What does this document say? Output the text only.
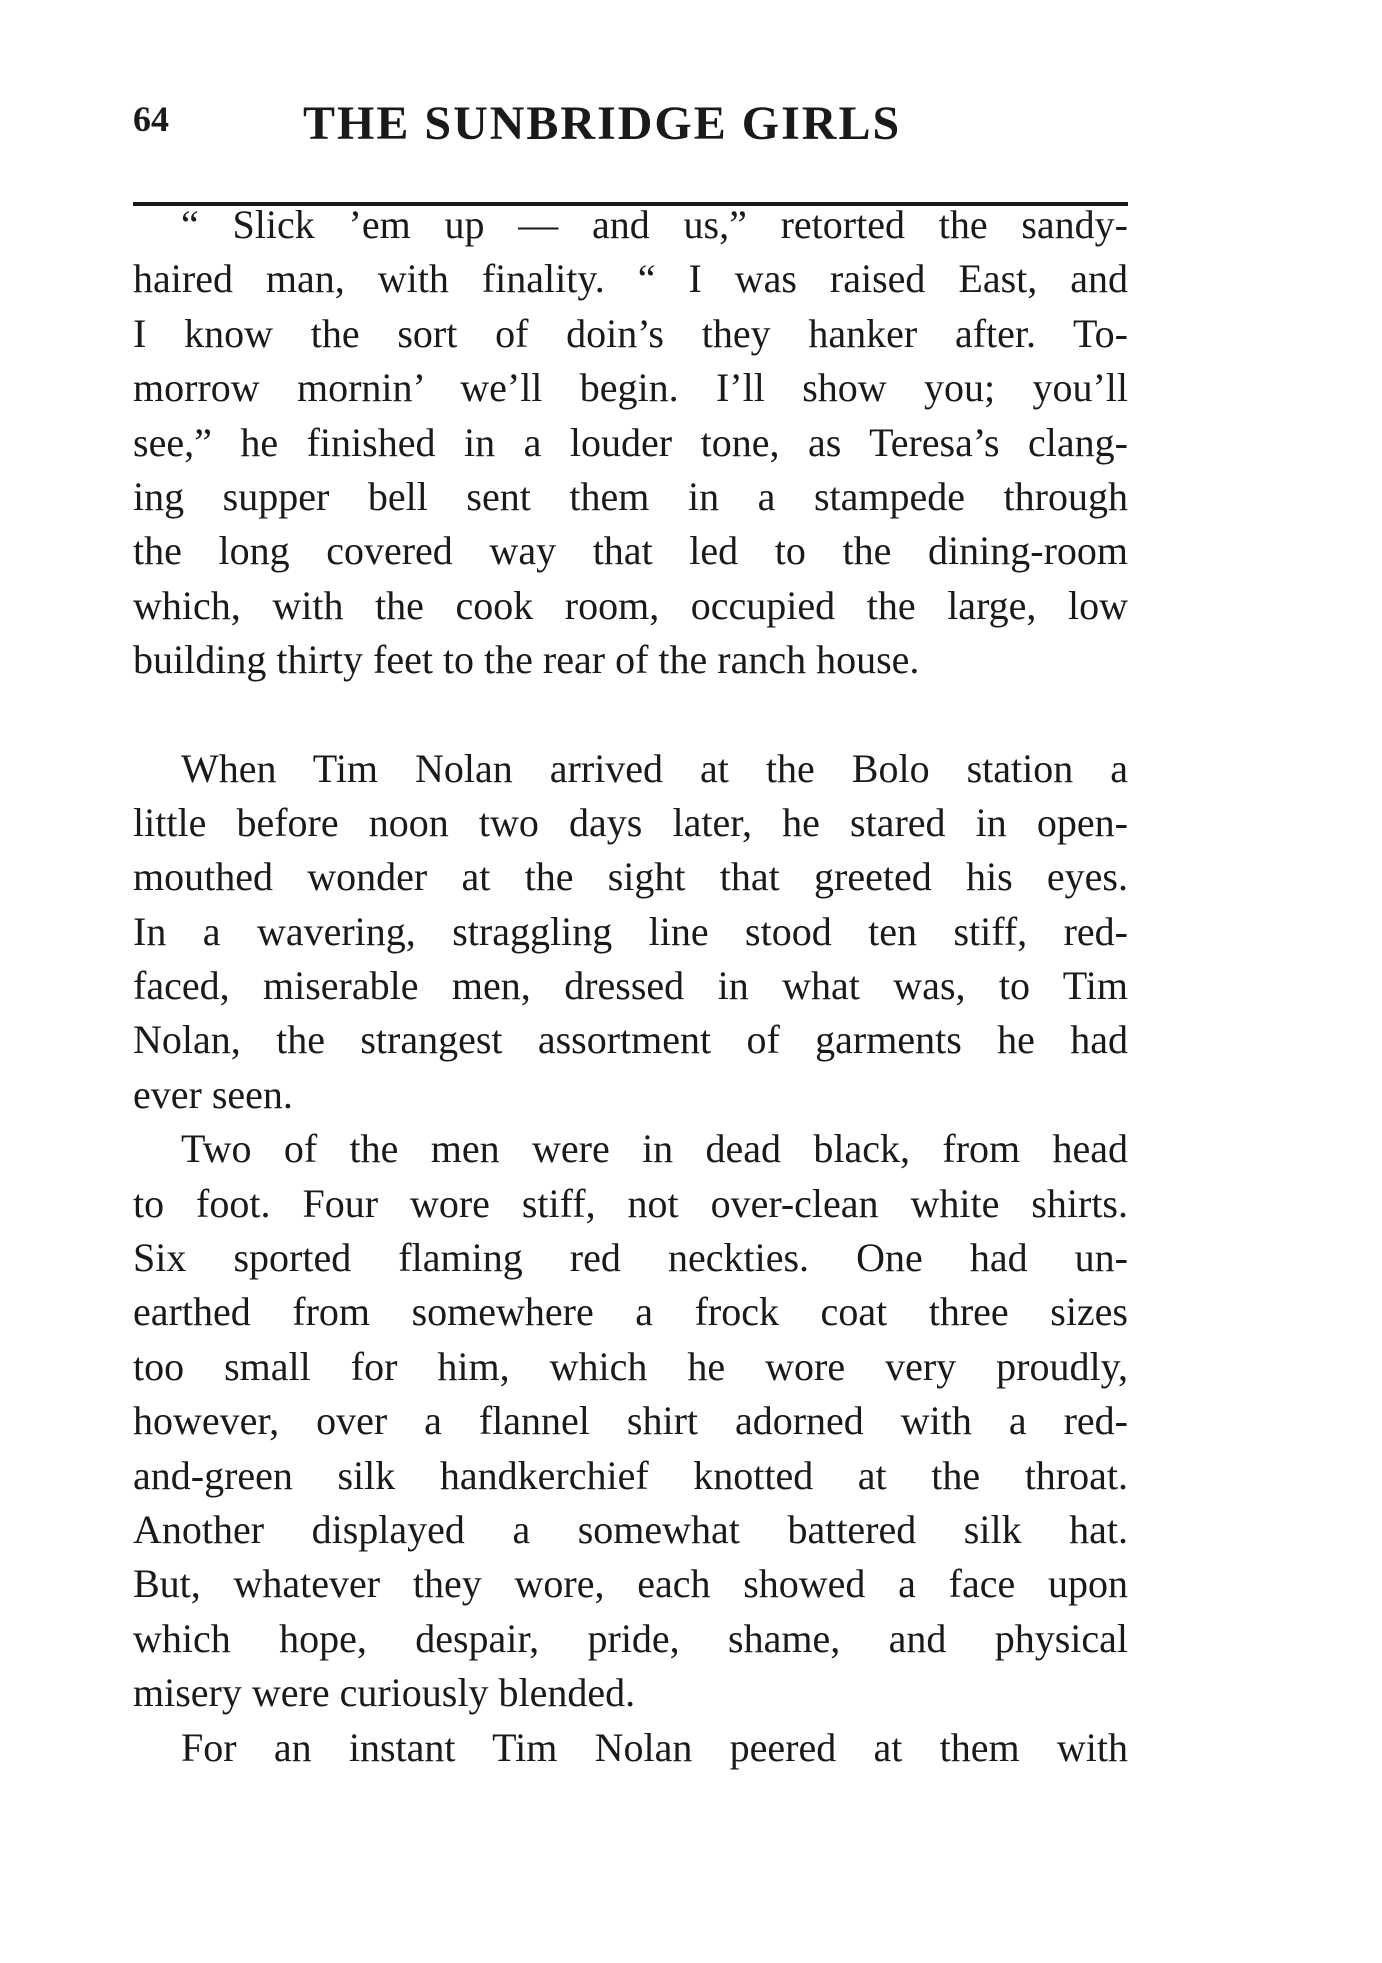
64	THE SUNBRIDGE GIRLS
“ Slick ’em up — and us,” retorted the sandy-
haired man, with finality. “ I was raised East, and
I know the sort of doin’s they hanker after. To-
morrow mornin’ we’ll begin. I’ll show you; you’ll
see,” he finished in a louder tone, as Teresa’s clang-
ing supper bell sent them in a stampede through
the long covered way that led to the dining-room
which, with the cook room, occupied the large, low
building thirty feet to the rear of the ranch house.
When Tim Nolan arrived at the Bolo station a
little before noon two days later, he stared in open-
mouthed wonder at the sight that greeted his eyes.
In a wavering, straggling line stood ten stiff, red-
faced, miserable men, dressed in what was, to Tim
Nolan, the strangest assortment of garments he had
ever seen.
Two of the men were in dead black, from head
to foot. Four wore stiff, not over-clean white shirts.
Six sported flaming red neckties. One had un-
earthed from somewhere a frock coat three sizes
too small for him, which he wore very proudly,
however, over a flannel shirt adorned with a red-
and-green silk handkerchief knotted at the throat.
Another displayed a somewhat battered silk hat.
But, whatever they wore, each showed a face upon
which hope, despair, pride, shame, and physical
misery were curiously blended.
For an instant Tim Nolan peered at them with
